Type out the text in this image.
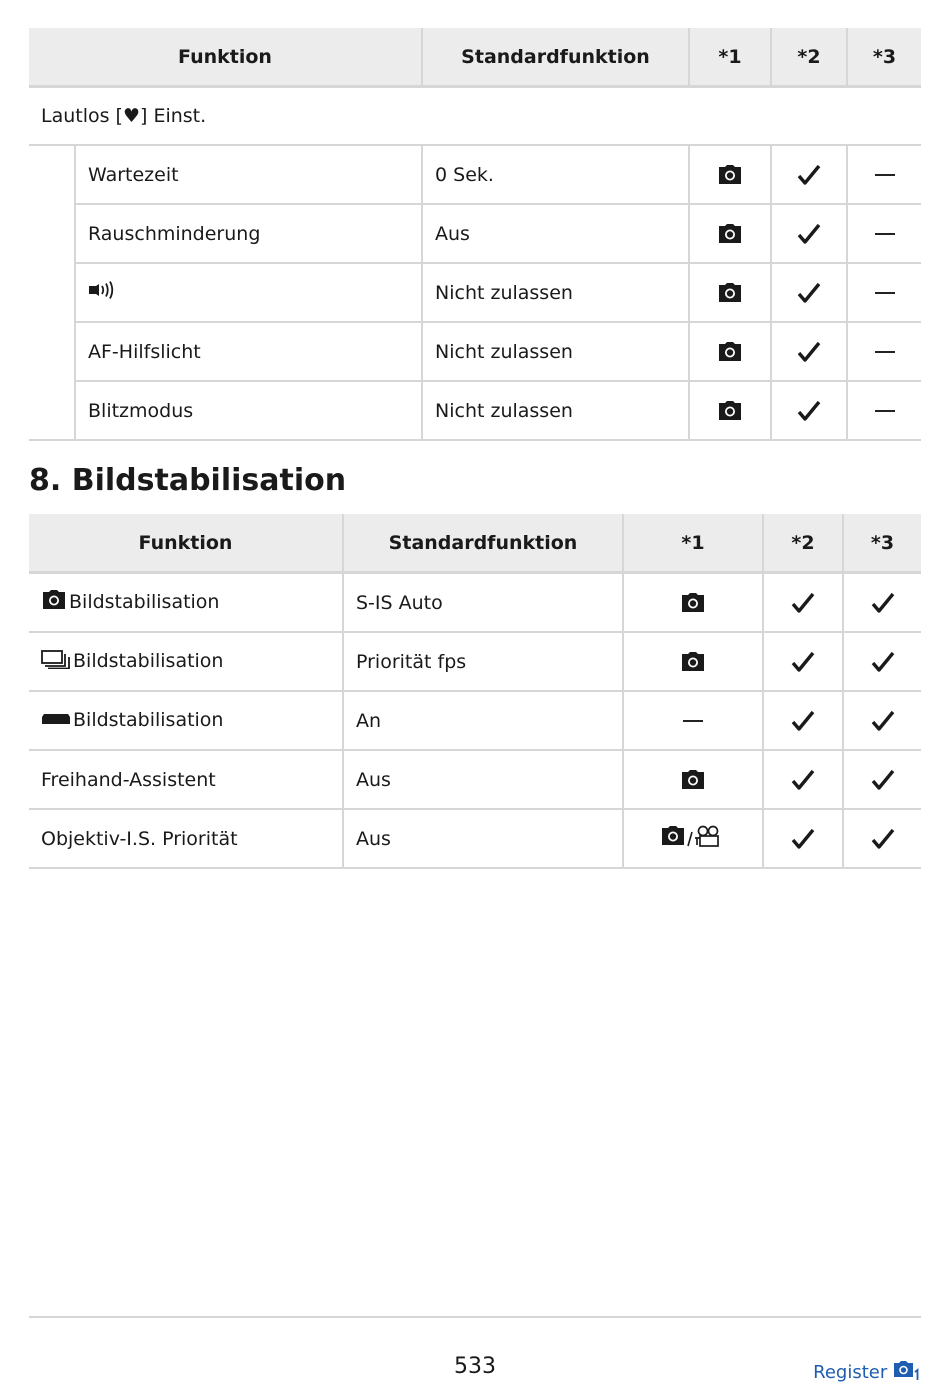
Funktion		Standardfunktion	*1	*2	*3
Lautlos [♥] Einst.					
	Wartezeit	0 Sek.			
	Rauschminderung	Aus			
		Nicht zulassen			
	AF-Hilfslicht	Nicht zulassen			
	Blitzmodus	Nicht zulassen			
8. Bildstabilisation
Funktion	Standardfunktion	*1	*2	*3
Bildstabilisation	S-IS Auto			
Bildstabilisation	Priorität fps			
Bildstabilisation	An			
Freihand-Assistent	Aus			
Objektiv-I.S. Priorität	Aus			
533	Register
